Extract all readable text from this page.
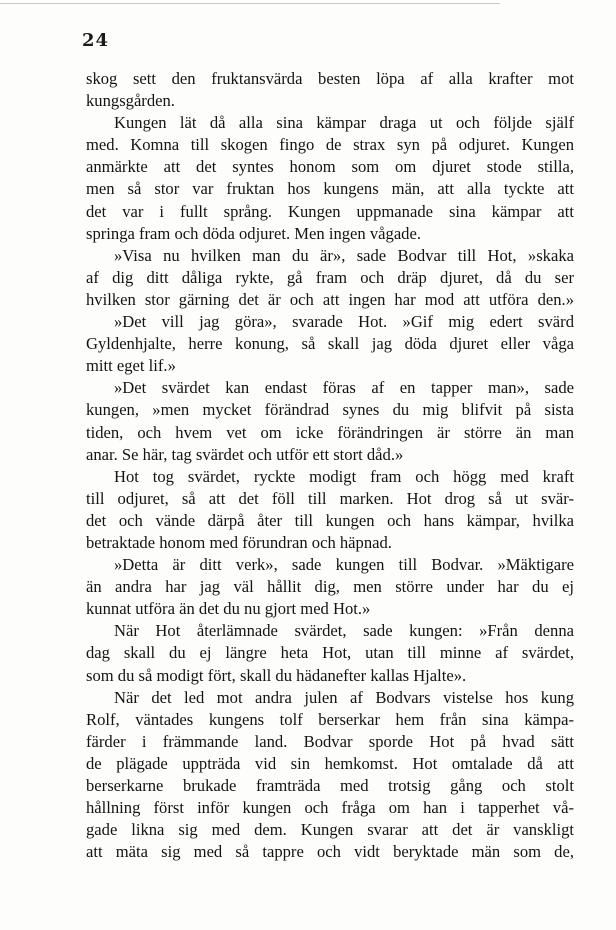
24
skog sett den fruktansvärda besten löpa af alla krafter mot
kungsgården.
Kungen lät då alla sina kämpar draga ut och följde själf
med. Komna till skogen fingo de strax syn på odjuret. Kungen
anmärkte att det syntes honom som om djuret stode stilla,
men så stor var fruktan hos kungens män, att alla tyckte att
det var i fullt språng. Kungen uppmanade sina kämpar att
springa fram och döda odjuret. Men ingen vågade.
»Visa nu hvilken man du är», sade Bodvar till Hot, »skaka
af dig ditt dåliga rykte, gå fram och dräp djuret, då du ser
hvilken stor gärning det är och att ingen har mod att utföra den.»
»Det vill jag göra», svarade Hot. »Gif mig edert svärd
Gyldenhjalte, herre konung, så skall jag döda djuret eller våga
mitt eget lif.»
»Det svärdet kan endast föras af en tapper man», sade
kungen, »men mycket förändrad synes du mig blifvit på sista
tiden, och hvem vet om icke förändringen är större än man
anar. Se här, tag svärdet och utför ett stort dåd.»
Hot tog svärdet, ryckte modigt fram och högg med kraft
till odjuret, så att det föll till marken. Hot drog så ut svär-
det och vände därpå åter till kungen och hans kämpar, hvilka
betraktade honom med förundran och häpnad.
»Detta är ditt verk», sade kungen till Bodvar. »Mäktigare
än andra har jag väl hållit dig, men större under har du ej
kunnat utföra än det du nu gjort med Hot.»
När Hot återlämnade svärdet, sade kungen: »Från denna
dag skall du ej längre heta Hot, utan till minne af svärdet,
som du så modigt fört, skall du hädanefter kallas Hjalte».
När det led mot andra julen af Bodvars vistelse hos kung
Rolf, väntades kungens tolf berserkar hem från sina kämpa-
färder i främmande land. Bodvar sporde Hot på hvad sätt
de plägade uppträda vid sin hemkomst. Hot omtalade då att
berserkarne brukade framträda med trotsig gång och stolt
hållning först inför kungen och fråga om han i tapperhet vå-
gade likna sig med dem. Kungen svarar att det är vanskligt
att mäta sig med så tappre och vidt beryktade män som de,
